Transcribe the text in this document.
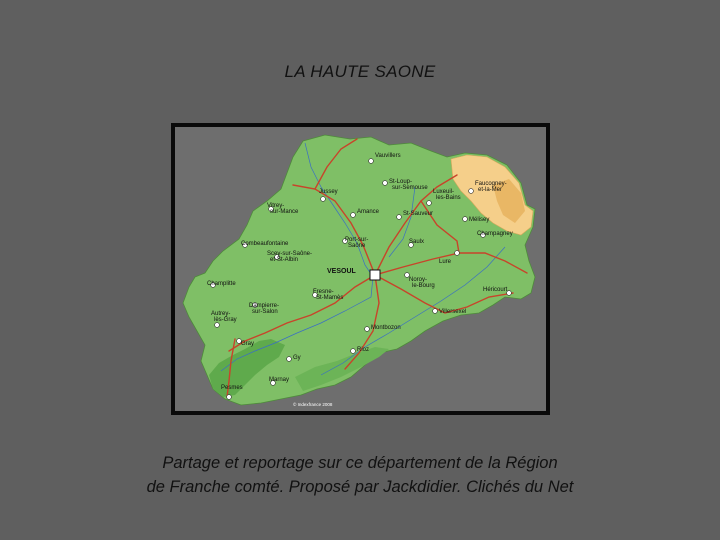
LA HAUTE SAONE
Vauvillers
Jussey
St-Loup-
sur-Semouse
Faucogney-
et-la-Mer
Vitrey-
sur-Mance	Amance	St-Sauveur
Luxeuil-
les-Bains
Mélisey
Champagney
Combeaufontaine
Port-sur-
Saône
Saulx
Lure
Scey-sur-Saône-
et-St-Albin
VESOUL
Noroy-
le-Bourg
Héricourt
Champlitte
Fresne-
St-Mamès
Villersexel
Dampierre-
sur-Salon
Autrey-
lès-Gray
Montbozon
Gray
Gy
Rioz
Marnay
Pesmes
© Indexfrance 2008
Partage et reportage sur ce département de la Région
de Franche comté. Proposé par Jackdidier. Clichés du Net
